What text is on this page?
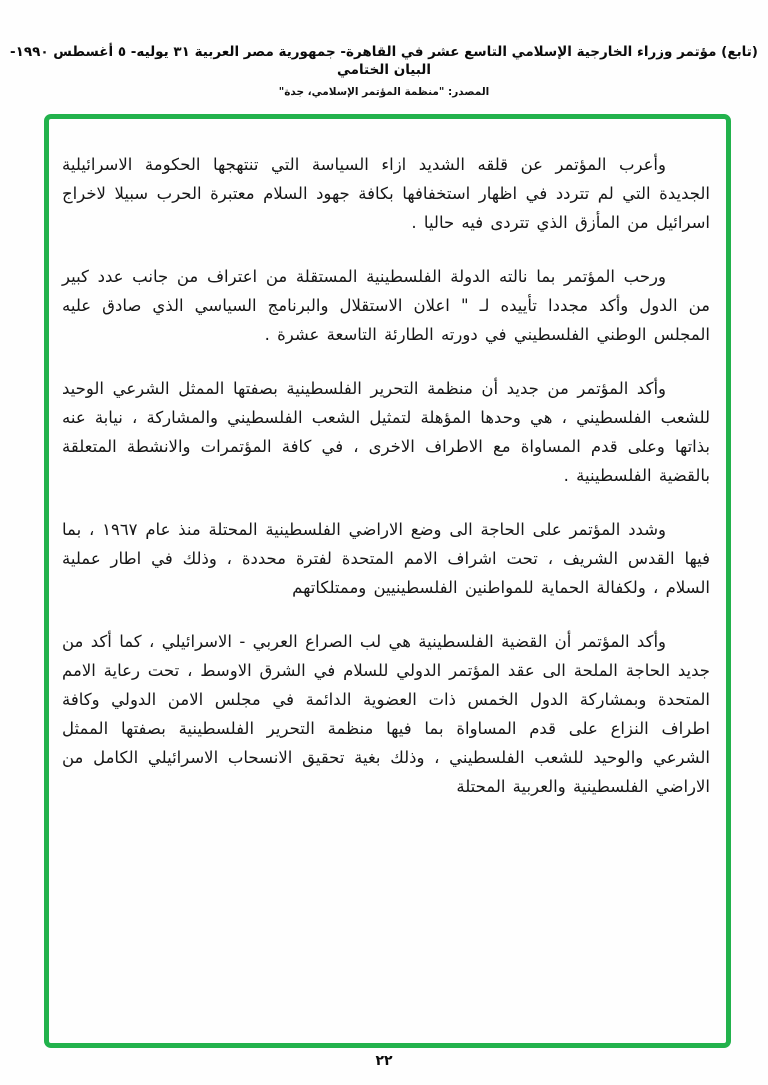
(تابع) مؤتمر وزراء الخارجية الإسلامي التاسع عشر في القاهرة- جمهورية مصر العربية ٣١ يوليه- ٥ أغسطس ١٩٩٠- البيان الختامي
المصدر: "منظمة المؤتمر الإسلامي، جدة"

وأعرب المؤتمر عن قلقه الشديد ازاء السياسة التي تنتهجها الحكومة الاسرائيلية الجديدة التي لم تتردد في اظهار استخفافها بكافة جهود السلام معتبرة الحرب سبيلا لاخراج اسرائيل من المأزق الذي تتردى فيه حاليا .

ورحب المؤتمر بما نالته الدولة الفلسطينية المستقلة من اعتراف من جانب عدد كبير من الدول وأكد مجددا تأييده لـ " اعلان الاستقلال والبرنامج السياسي الذي صادق عليه المجلس الوطني الفلسطيني في دورته الطارئة التاسعة عشرة .

وأكد المؤتمر من جديد أن منظمة التحرير الفلسطينية بصفتها الممثل الشرعي الوحيد للشعب الفلسطيني ، هي وحدها المؤهلة لتمثيل الشعب الفلسطيني والمشاركة ، نيابة عنه بذاتها وعلى قدم المساواة مع الاطراف الاخرى ، في كافة المؤتمرات والانشطة المتعلقة بالقضية الفلسطينية .

وشدد المؤتمر على الحاجة الى وضع الاراضي الفلسطينية المحتلة منذ عام ١٩٦٧ ، بما فيها القدس الشريف ، تحت اشراف الامم المتحدة لفترة محددة ، وذلك في اطار عملية السلام ، ولكفالة الحماية للمواطنين الفلسطينيين وممتلكاتهم

وأكد المؤتمر أن القضية الفلسطينية هي لب الصراع العربي - الاسرائيلي ، كما أكد من جديد الحاجة الملحة الى عقد المؤتمر الدولي للسلام في الشرق الاوسط ، تحت رعاية الامم المتحدة وبمشاركة الدول الخمس ذات العضوية الدائمة في مجلس الامن الدولي وكافة اطراف النزاع على قدم المساواة بما فيها منظمة التحرير الفلسطينية بصفتها الممثل الشرعي والوحيد للشعب الفلسطيني ، وذلك بغية تحقيق الانسحاب الاسرائيلي الكامل من الاراضي الفلسطينية والعربية المحتلة

٢٢
